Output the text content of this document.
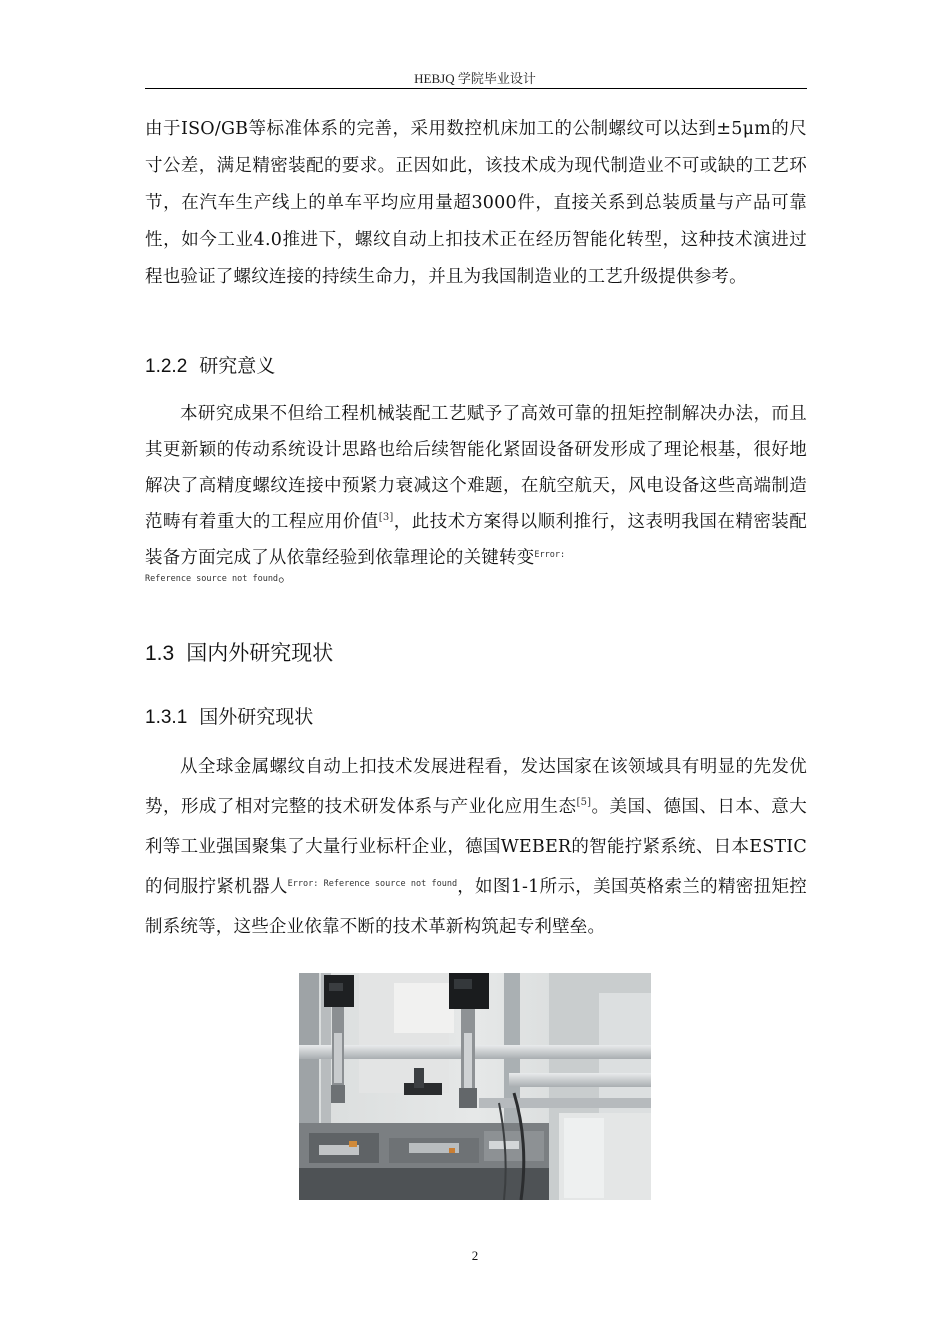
HEBJQ 学院毕业设计

由于ISO/GB等标准体系的完善，采用数控机床加工的公制螺纹可以达到±5μm的尺寸公差，满足精密装配的要求。正因如此，该技术成为现代制造业不可或缺的工艺环节，在汽车生产线上的单车平均应用量超3000件，直接关系到总装质量与产品可靠性，如今工业4.0推进下，螺纹自动上扣技术正在经历智能化转型，这种技术演进过程也验证了螺纹连接的持续生命力，并且为我国制造业的工艺升级提供参考。

1.2.2 研究意义

本研究成果不但给工程机械装配工艺赋予了高效可靠的扭矩控制解决办法，而且其更新颖的传动系统设计思路也给后续智能化紧固设备研发形成了理论根基，很好地解决了高精度螺纹连接中预紧力衰减这个难题，在航空航天，风电设备这些高端制造范畴有着重大的工程应用价值[3]，此技术方案得以顺利推行，这表明我国在精密装配装备方面完成了从依靠经验到依靠理论的关键转变$^{Error:}$

Reference source not found。
1.3 国内外研究现状
1.3.1 国外研究现状

从全球金属螺纹自动上扣技术发展进程看，发达国家在该领域具有明显的先发优势，形成了相对完整的技术研发体系与产业化应用生态[5]。美国、德国、日本、意大利等工业强国聚集了大量行业标杆企业，德国WEBER的智能拧紧系统、日本ESTIC的伺服拧紧机器人$^{Error: Reference source not found}$，如图1-1所示，美国英格索兰的精密扭矩控制系统等，这些企业依靠不断的技术革新构筑起专利壁垒。

2
